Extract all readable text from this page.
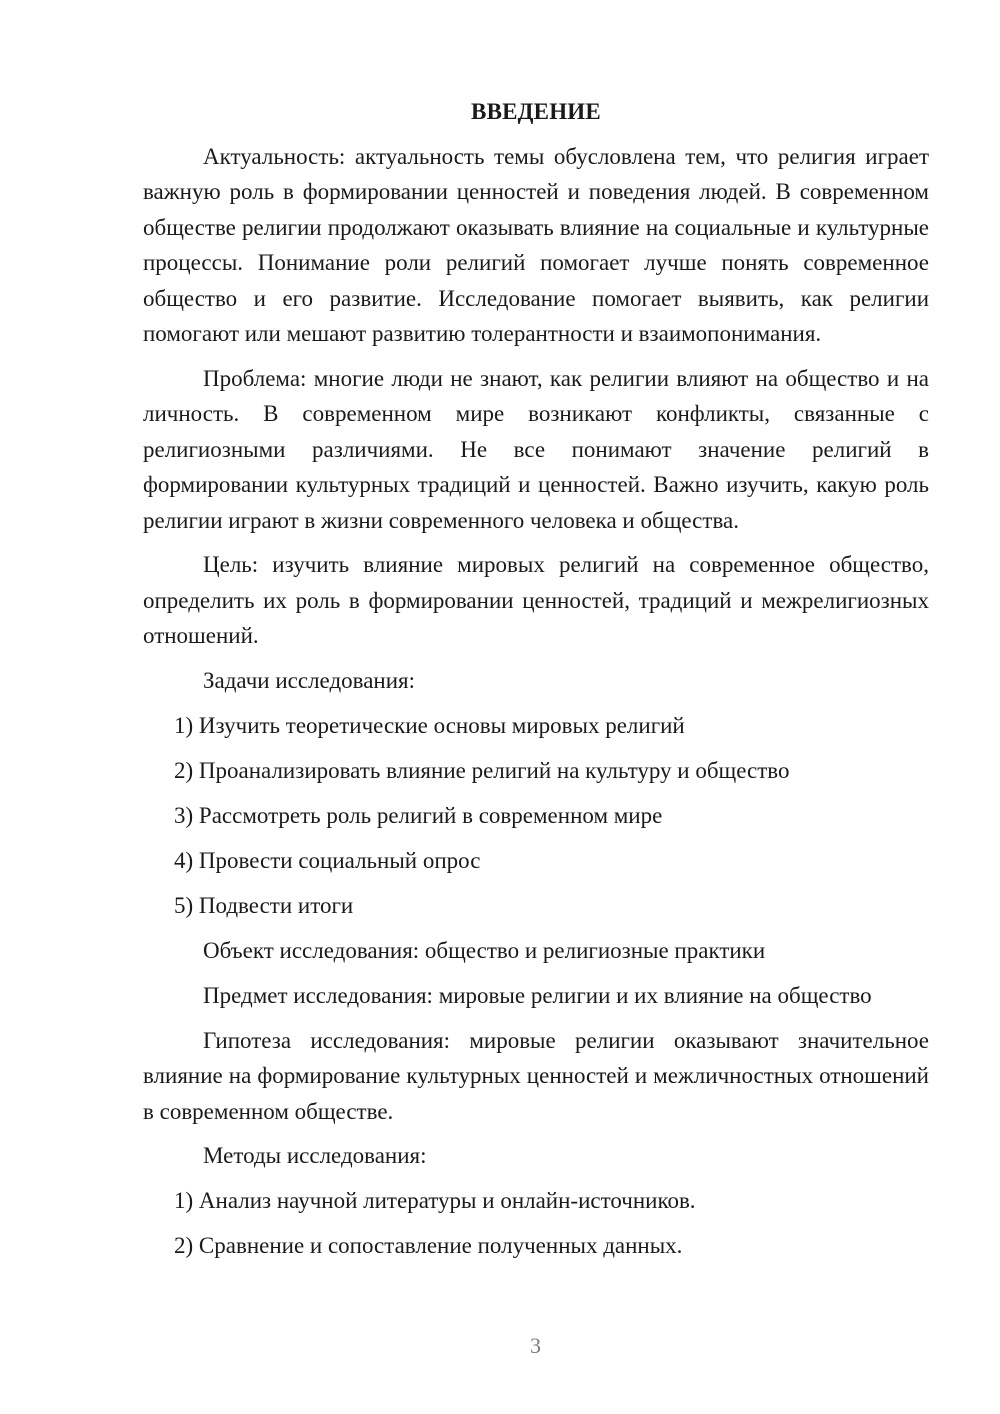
ВВЕДЕНИЕ
Актуальность: актуальность темы обусловлена тем, что религия играет важную роль в формировании ценностей и поведения людей. В современном обществе религии продолжают оказывать влияние на социальные и культурные процессы. Понимание роли религий помогает лучше понять современное общество и его развитие. Исследование помогает выявить, как религии помогают или мешают развитию толерантности и взаимопонимания.
Проблема: многие люди не знают, как религии влияют на общество и на личность. В современном мире возникают конфликты, связанные с религиозными различиями. Не все понимают значение религий в формировании культурных традиций и ценностей. Важно изучить, какую роль религии играют в жизни современного человека и общества.
Цель: изучить влияние мировых религий на современное общество, определить их роль в формировании ценностей, традиций и межрелигиозных отношений.
Задачи исследования:
1) Изучить теоретические основы мировых религий
2) Проанализировать влияние религий на культуру и общество
3) Рассмотреть роль религий в современном мире
4) Провести социальный опрос
5) Подвести итоги
Объект исследования: общество и религиозные практики
Предмет исследования: мировые религии и их влияние на общество
Гипотеза исследования: мировые религии оказывают значительное влияние на формирование культурных ценностей и межличностных отношений в современном обществе.
Методы исследования:
1) Анализ научной литературы и онлайн-источников.
2) Сравнение и сопоставление полученных данных.
3
